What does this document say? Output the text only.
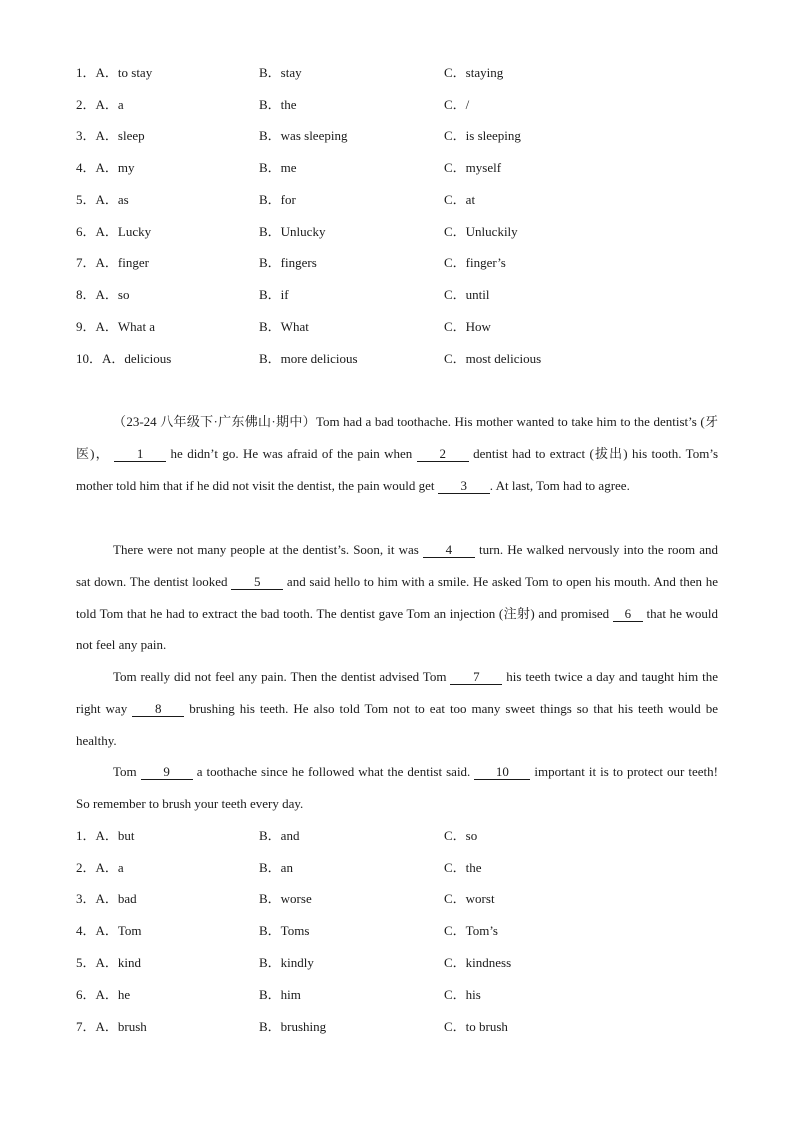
1．A．to stay	B．stay	C．staying
2．A．a	B．the	C．/
3．A．sleep	B．was sleeping	C．is sleeping
4．A．my	B．me	C．myself
5．A．as	B．for	C．at
6．A．Lucky	B．Unlucky	C．Unluckily
7．A．finger	B．fingers	C．finger’s
8．A．so	B．if	C．until
9．A．What a	B．What	C．How
10．A．delicious	B．more delicious	C．most delicious
（23-24 八年级下·广东佛山·期中）Tom had a bad toothache. His mother wanted to take him to the dentist’s (牙医)， 1 he didn’t go. He was afraid of the pain when 2 dentist had to extract (拔出) his tooth. Tom’s mother told him that if he did not visit the dentist, the pain would get 3 . At last, Tom had to agree.
There were not many people at the dentist’s. Soon, it was 4 turn. He walked nervously into the room and sat down. The dentist looked 5 and said hello to him with a smile. He asked Tom to open his mouth. And then he told Tom that he had to extract the bad tooth. The dentist gave Tom an injection (注射) and promised 6 that he would not feel any pain.
Tom really did not feel any pain. Then the dentist advised Tom 7 his teeth twice a day and taught him the right way 8 brushing his teeth. He also told Tom not to eat too many sweet things so that his teeth would be healthy.
Tom 9 a toothache since he followed what the dentist said. 10 important it is to protect our teeth! So remember to brush your teeth every day.
1．A．but	B．and	C．so
2．A．a	B．an	C．the
3．A．bad	B．worse	C．worst
4．A．Tom	B．Toms	C．Tom’s
5．A．kind	B．kindly	C．kindness
6．A．he	B．him	C．his
7．A．brush	B．brushing	C．to brush
